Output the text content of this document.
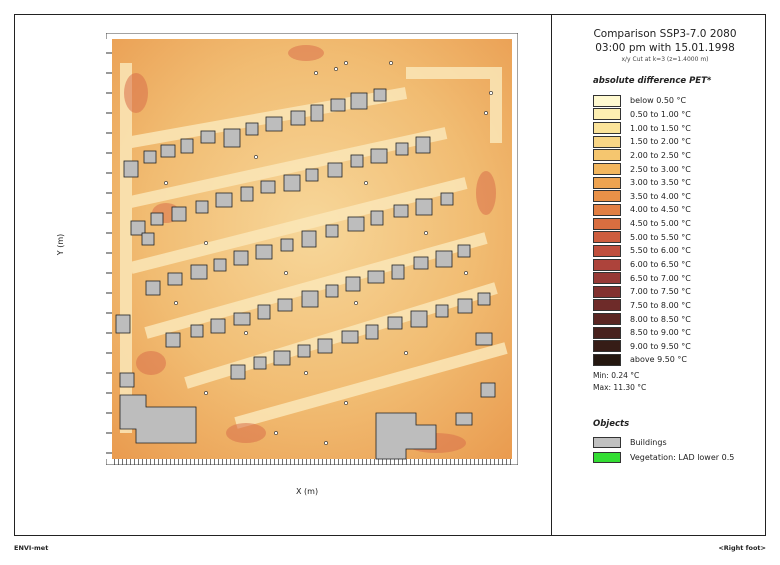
X (m)
Y (m)
Comparison SSP3-7.0 2080
03:00 pm with 15.01.1998
x/y Cut at k=3 (z=1.4000 m)
absolute difference PET*
below 0.50 °C
0.50 to 1.00 °C
1.00 to 1.50 °C
1.50 to 2.00 °C
2.00 to 2.50 °C
2.50 to 3.00 °C
3.00 to 3.50 °C
3.50 to 4.00 °C
4.00 to 4.50 °C
4.50 to 5.00 °C
5.00 to 5.50 °C
5.50 to 6.00 °C
6.00 to 6.50 °C
6.50 to 7.00 °C
7.00 to 7.50 °C
7.50 to 8.00 °C
8.00 to 8.50 °C
8.50 to 9.00 °C
9.00 to 9.50 °C
above 9.50 °C
Min: 0.24 °C
Max: 11.30 °C
Objects
Buildings
Vegetation: LAD lower 0.5
ENVI-met	<Right foot>
